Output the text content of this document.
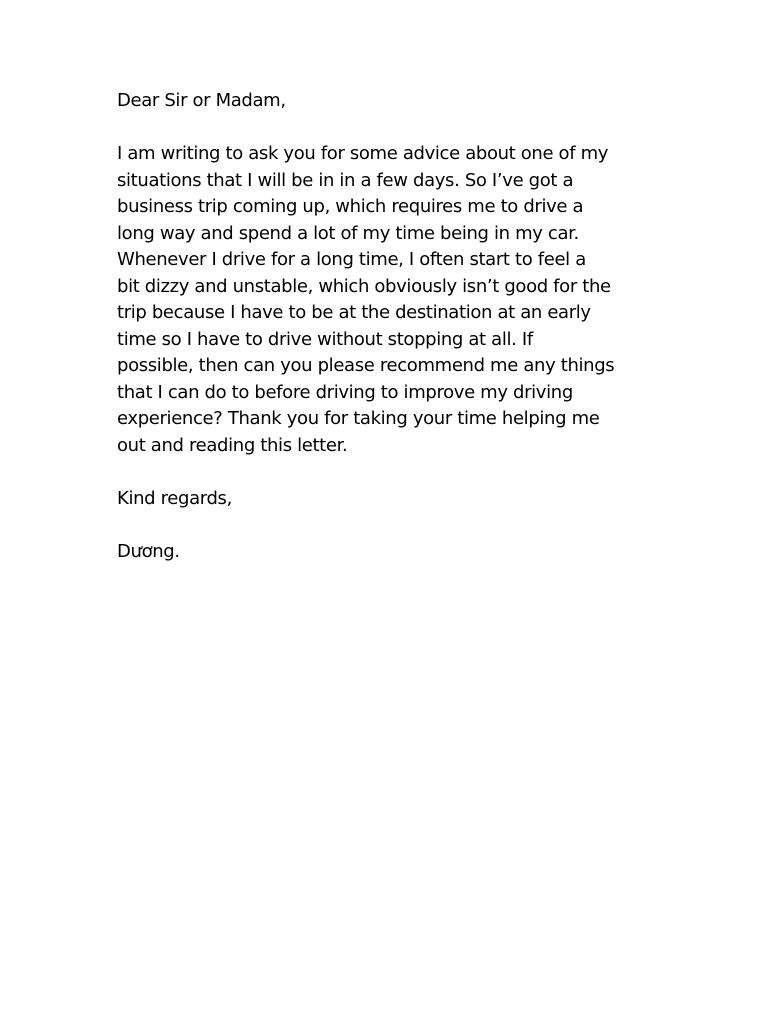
Dear Sir or Madam,

I am writing to ask you for some advice about one of my

situations that I will be in in a few days. So I’ve got a

business trip coming up, which requires me to drive a

long way and spend a lot of my time being in my car.

Whenever I drive for a long time, I often start to feel a

bit dizzy and unstable, which obviously isn’t good for the

trip because I have to be at the destination at an early

time so I have to drive without stopping at all. If

possible, then can you please recommend me any things

that I can do to before driving to improve my driving

experience? Thank you for taking your time helping me

out and reading this letter.

Kind regards,

Dương.
